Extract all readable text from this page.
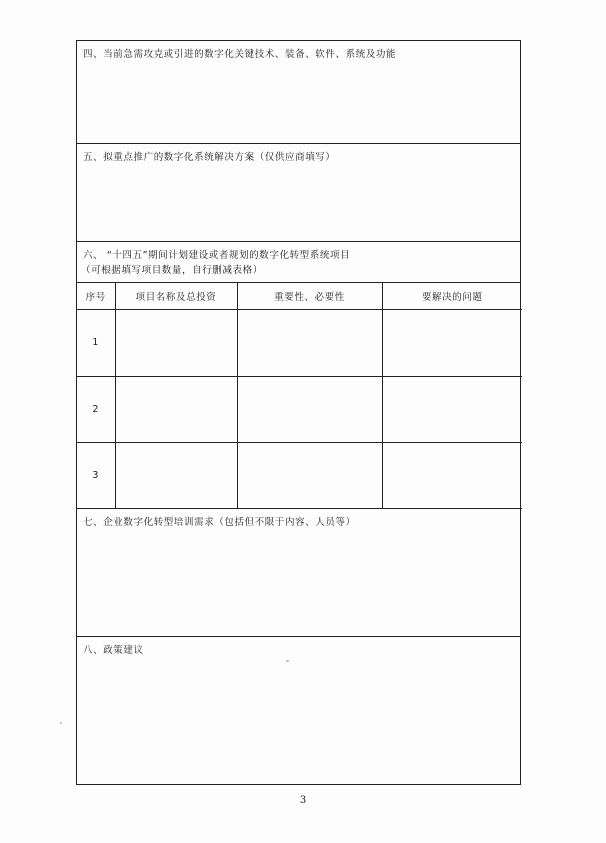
四、当前急需攻克或引进的数字化关键技术、装备、软件、系统及功能
五、拟重点推广的数字化系统解决方案（仅供应商填写）
六、 “十四五”期间计划建设或者规划的数字化转型系统项目
（可根据填写项目数量，自行删减表格）
序号	项目名称及总投资	重要性、必要性	要解决的问题
1			
2			
3			
七、企业数字化转型培训需求（包括但不限于内容、人员等）
八、政策建议
3
